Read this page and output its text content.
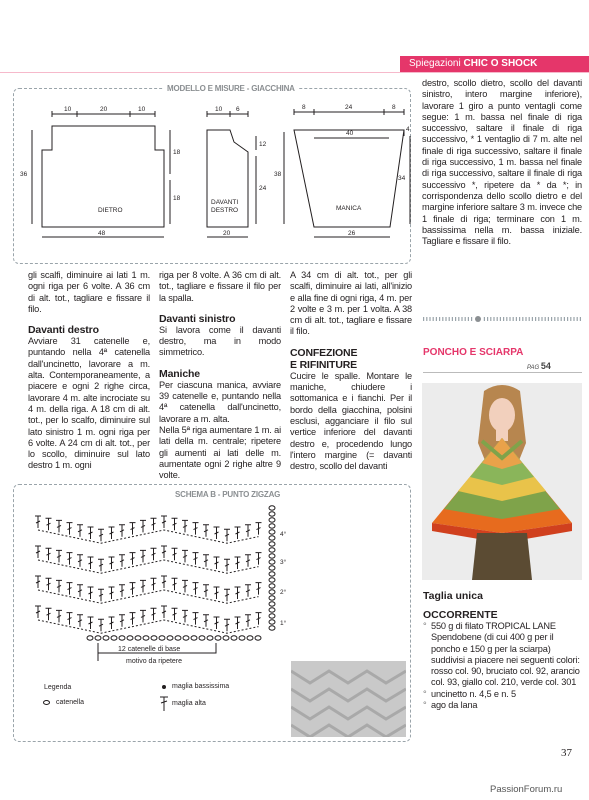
Spiegazioni CHIC O SHOCK
MODELLO E MISURE - GIACCHINA
10	20	10
36
18
18
DIETRO
48
10 6
12
24
DAVANTI
DESTRO
20
8	24	8
40
4
38
34
MANICA
26

gli scalfi, diminuire ai lati 1 m. ogni riga per 6 volte. A 36 cm di alt. tot., tagliare e fissare il filo.

Davanti destro

Avviare 31 catenelle e, puntando nella 4ª catenella dall'uncinetto, lavorare a m. alta. Contemporaneamente, a piacere e ogni 2 righe circa, lavorare 4 m. alte incrociate su 4 m. della riga. A 18 cm di alt. tot., per lo scalfo, diminuire sul lato sinistro 1 m. ogni riga per 6 volte. A 24 cm di alt. tot., per lo scollo, diminuire sul lato destro 1 m. ogni

riga per 8 volte. A 36 cm di alt. tot., tagliare e fissare il filo per la spalla.

Davanti sinistro

Si lavora come il davanti destro, ma in modo simmetrico.

Maniche

Per ciascuna manica, avviare 39 catenelle e, puntando nella 4ª catenella dall'uncinetto, lavorare a m. alta.

Nella 5ª riga aumentare 1 m. ai lati della m. centrale; ripetere gli aumenti ai lati delle m. aumentate ogni 2 righe altre 9 volte.

A 34 cm di alt. tot., per gli scalfi, diminuire ai lati, all'inizio e alla fine di ogni riga, 4 m. per 2 volte e 3 m. per 1 volta. A 38 cm di alt. tot., tagliare e fissare il filo.

CONFEZIONE
E RIFINITURE

Cucire le spalle. Montare le maniche, chiudere i sottomanica e i fianchi. Per il bordo della giacchina, polsini esclusi, agganciare il filo sul vertice inferiore del davanti destro e, procedendo lungo l'intero margine (= davanti destro, scollo del davanti

destro, scollo dietro, scollo del davanti sinistro, intero margine inferiore), lavorare 1 giro a punto ventagli come segue: 1 m. bassa nel finale di riga successivo, saltare il finale di riga successivo, * 1 ventaglio di 7 m. alte nel finale di riga successivo, saltare il finale di riga successivo, 1 m. bassa nel finale di riga successivo, saltare il finale di riga successivo *, ripetere da * da *; in corrispondenza dello scollo dietro e del margine inferiore saltare 3 m. invece che 1 finale di riga; terminare con 1 m. bassissima nella m. bassa iniziale. Tagliare e fissare il filo.

PONCHO E SCIARPA
PAG 54
Taglia unica
OCCORRENTE
° 550 g di filato TROPICAL LANE Spendobene (di cui 400 g per il poncho e 150 g per la sciarpa) suddivisi a piacere nei seguenti colori: rosso col. 90, bruciato col. 92, arancio col. 93, giallo col. 210, verde col. 301
° uncinetto n. 4,5 e n. 5
° ago da lana
SCHEMA B - PUNTO ZIGZAG
4°
3°
2°
1°
12 catenelle di base
motivo da ripetere
Legenda
catenella
maglia bassissima
maglia alta
37
PassionForum.ru
